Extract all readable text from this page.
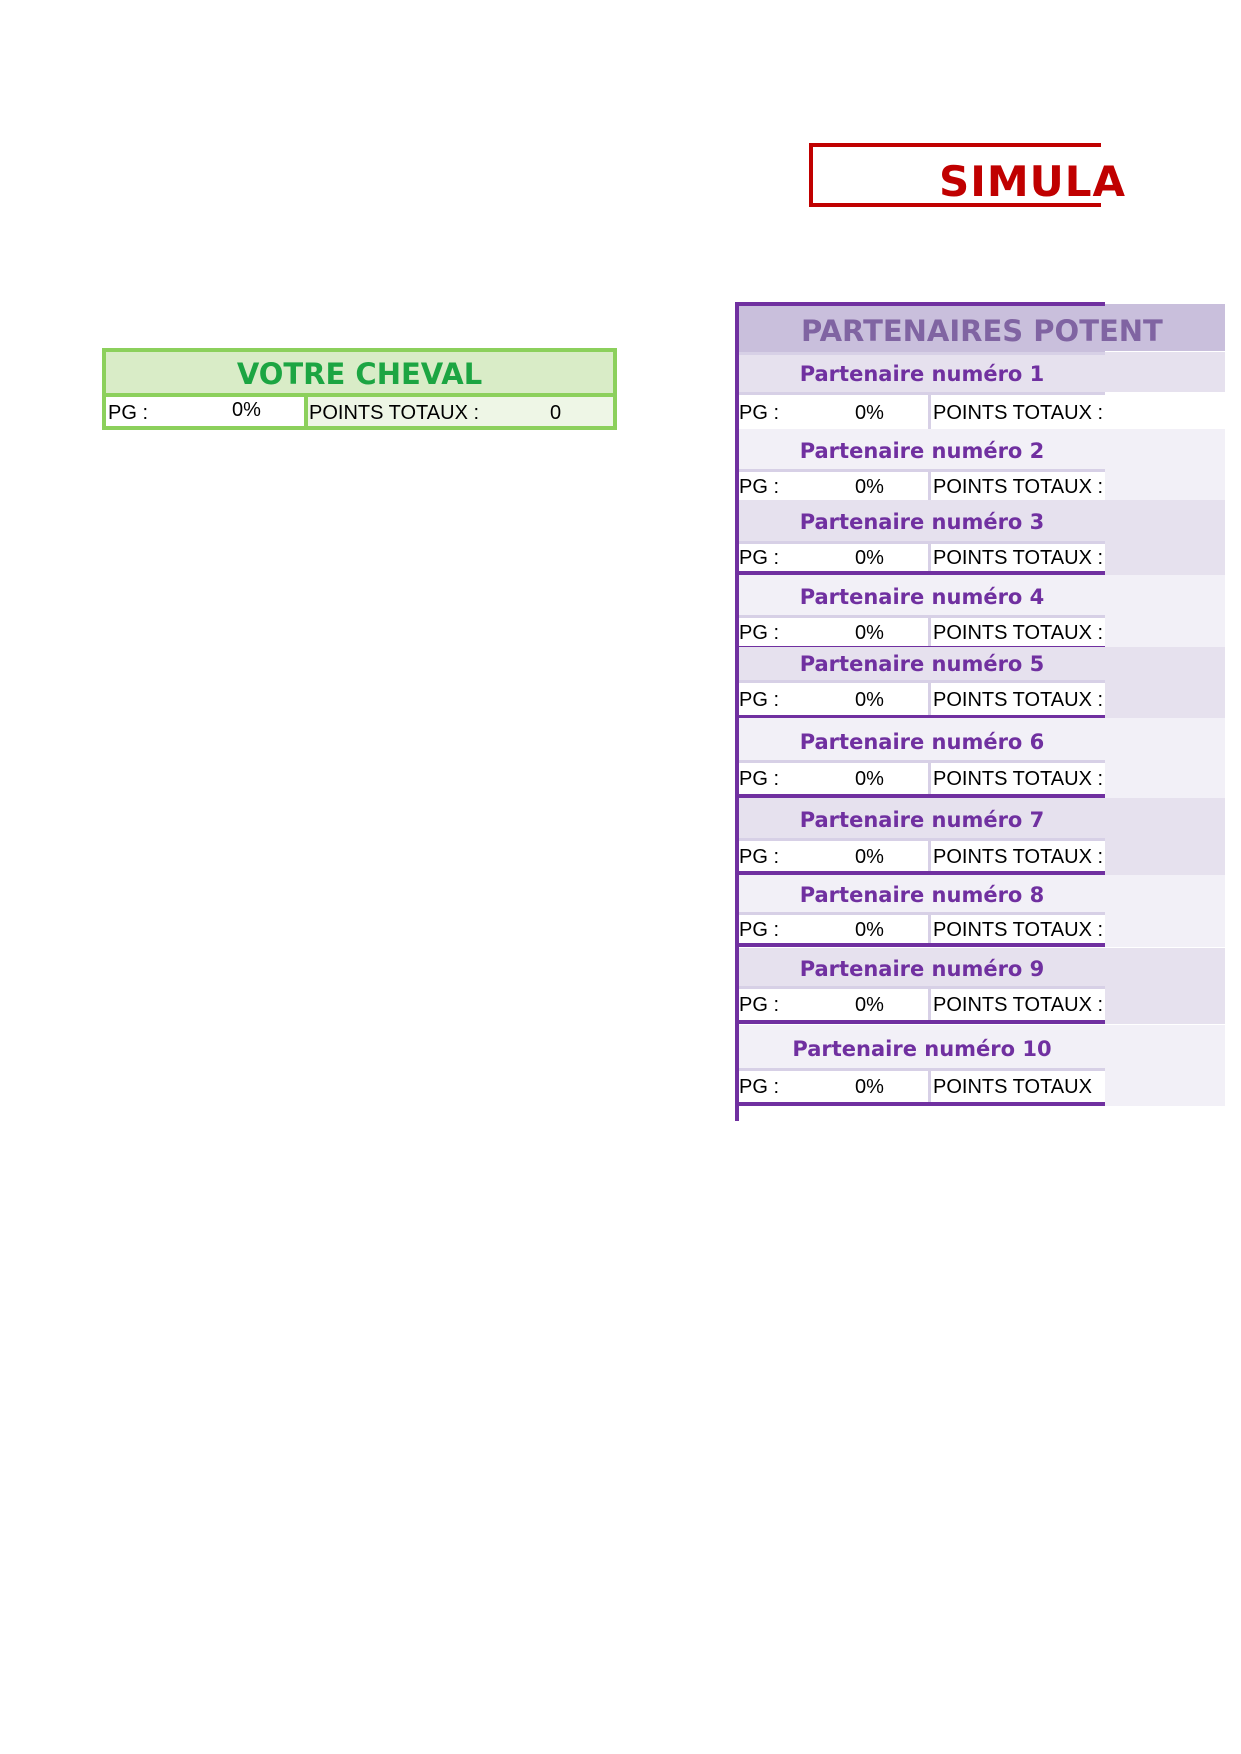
SIMULA
VOTRE CHEVAL
PG :	0% POINTS TOTAUX :	0
Partenaire numéro 1
PG :	0% POINTS TOTAUX :
Partenaire numéro 2
PG :	0% POINTS TOTAUX :
Partenaire numéro 3
PG :	0% POINTS TOTAUX :
Partenaire numéro 4
PG :	0% POINTS TOTAUX :
Partenaire numéro 5
PG :	0% POINTS TOTAUX :
Partenaire numéro 6
PG :	0% POINTS TOTAUX :
Partenaire numéro 7
PG :	0% POINTS TOTAUX :
Partenaire numéro 8
PG :	0% POINTS TOTAUX :
Partenaire numéro 9
PG :	0% POINTS TOTAUX :
Partenaire numéro 10
PG :	0% POINTS TOTAUX
PARTENAIRES POTENT
